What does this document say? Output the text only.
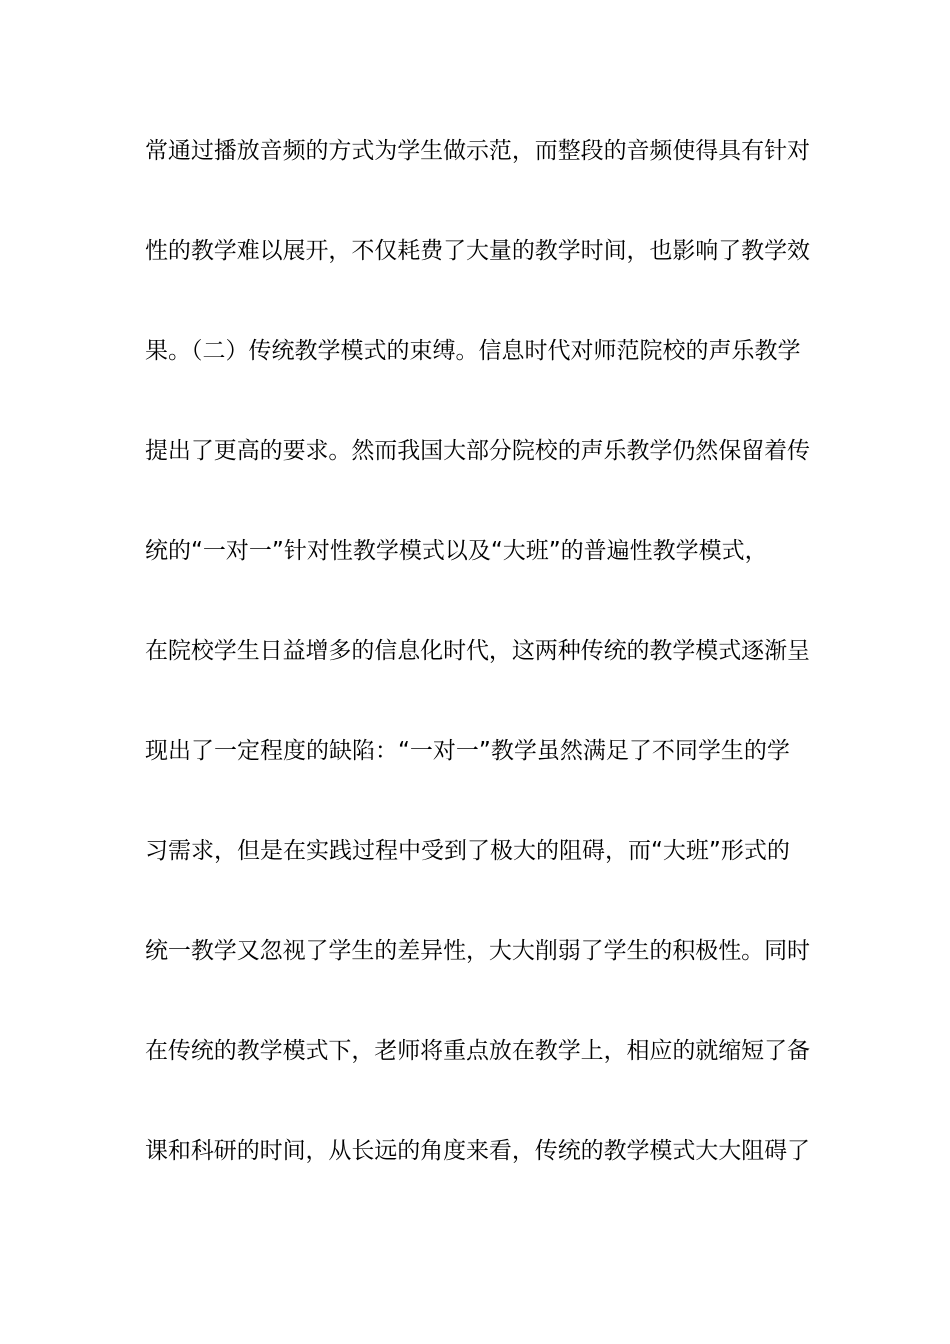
常通过播放音频的方式为学生做示范，而整段的音频使得具有针对
性的教学难以展开，不仅耗费了大量的教学时间，也影响了教学效
果。（二）传统教学模式的束缚。信息时代对师范院校的声乐教学
提出了更高的要求。然而我国大部分院校的声乐教学仍然保留着传
统的“一对一”针对性教学模式以及“大班”的普遍性教学模式，
在院校学生日益增多的信息化时代，这两种传统的教学模式逐渐呈
现出了一定程度的缺陷：“一对一”教学虽然满足了不同学生的学
习需求，但是在实践过程中受到了极大的阻碍，而“大班”形式的
统一教学又忽视了学生的差异性，大大削弱了学生的积极性。同时
在传统的教学模式下，老师将重点放在教学上，相应的就缩短了备
课和科研的时间，从长远的角度来看，传统的教学模式大大阻碍了
